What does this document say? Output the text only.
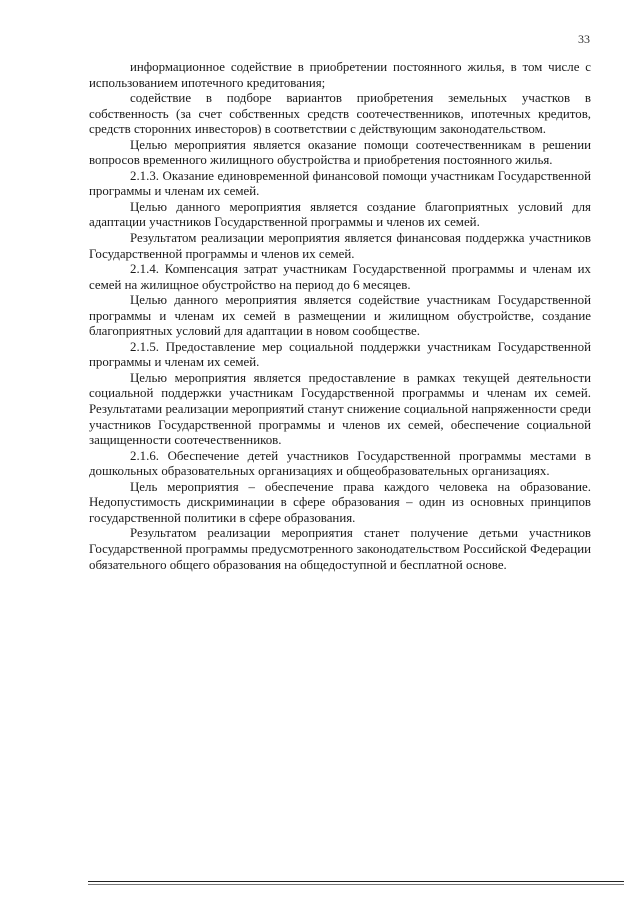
33

информационное содействие в приобретении постоянного жилья, в том числе с использованием ипотечного кредитования;

содействие в подборе вариантов приобретения земельных участков в собственность (за счет собственных средств соотечественников, ипотечных кредитов, средств сторонних инвесторов) в соответствии с действующим законодательством.

Целью мероприятия является оказание помощи соотечественникам в решении вопросов временного жилищного обустройства и приобретения постоянного жилья.

2.1.3. Оказание единовременной финансовой помощи участникам Государственной программы и членам их семей.

Целью данного мероприятия является создание благоприятных условий для адаптации участников Государственной программы и членов их семей.

Результатом реализации мероприятия является финансовая поддержка участников Государственной программы и членов их семей.

2.1.4. Компенсация затрат участникам Государственной программы и членам их семей на жилищное обустройство на период до 6 месяцев.

Целью данного мероприятия является содействие участникам Государственной программы и членам их семей в размещении и жилищном обустройстве, создание благоприятных условий для адаптации в новом сообществе.

2.1.5. Предоставление мер социальной поддержки участникам Государственной программы и членам их семей.

Целью мероприятия является предоставление в рамках текущей деятельности социальной поддержки участникам Государственной программы и членам их семей. Результатами реализации мероприятий станут снижение социальной напряженности среди участников Государственной программы и членов их семей, обеспечение социальной защищенности соотечественников.

2.1.6. Обеспечение детей участников Государственной программы местами в дошкольных образовательных организациях и общеобразовательных организациях.

Цель мероприятия – обеспечение права каждого человека на образование. Недопустимость дискриминации в сфере образования – один из основных принципов государственной политики в сфере образования.

Результатом реализации мероприятия станет получение детьми участников Государственной программы предусмотренного законодательством Российской Федерации обязательного общего образования на общедоступной и бесплатной основе.
